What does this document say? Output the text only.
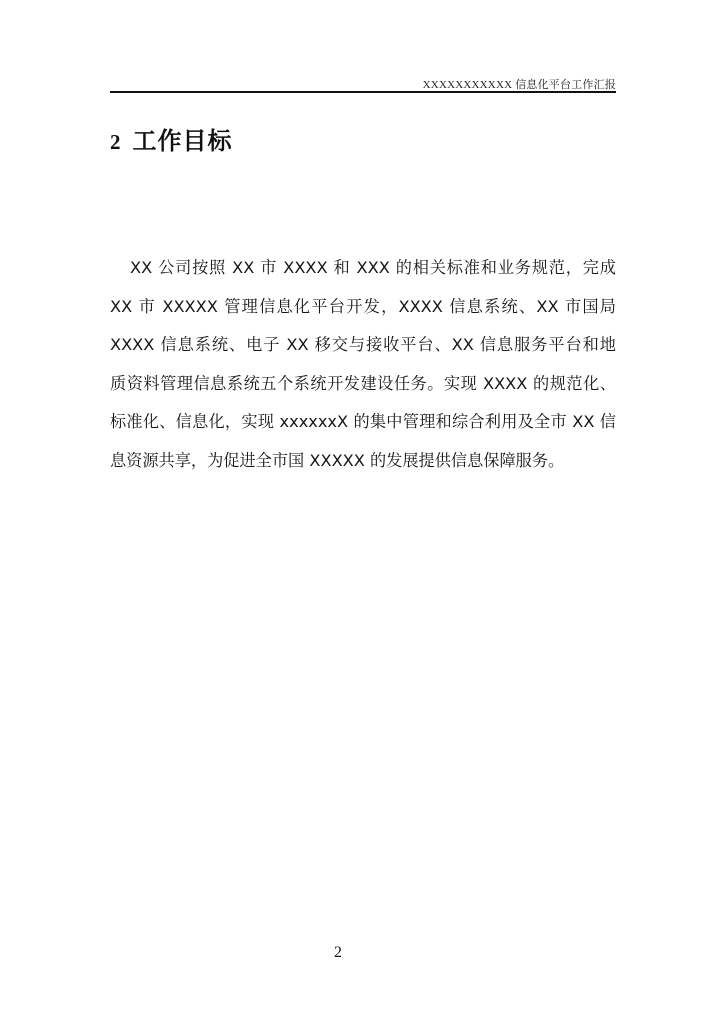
XXXXXXXXXXX 信息化平台工作汇报
2 工作目标
XX 公司按照 XX 市 XXXX 和 XXX 的相关标准和业务规范，完成
XX 市 XXXXX 管理信息化平台开发，XXXX 信息系统、XX 市国局
XXXX 信息系统、电子 XX 移交与接收平台、XX 信息服务平台和地
质资料管理信息系统五个系统开发建设任务。实现 XXXX 的规范化、
标准化、信息化，实现 xxxxxxX 的集中管理和综合利用及全市 XX 信
息资源共享，为促进全市国 XXXXX 的发展提供信息保障服务。
2
